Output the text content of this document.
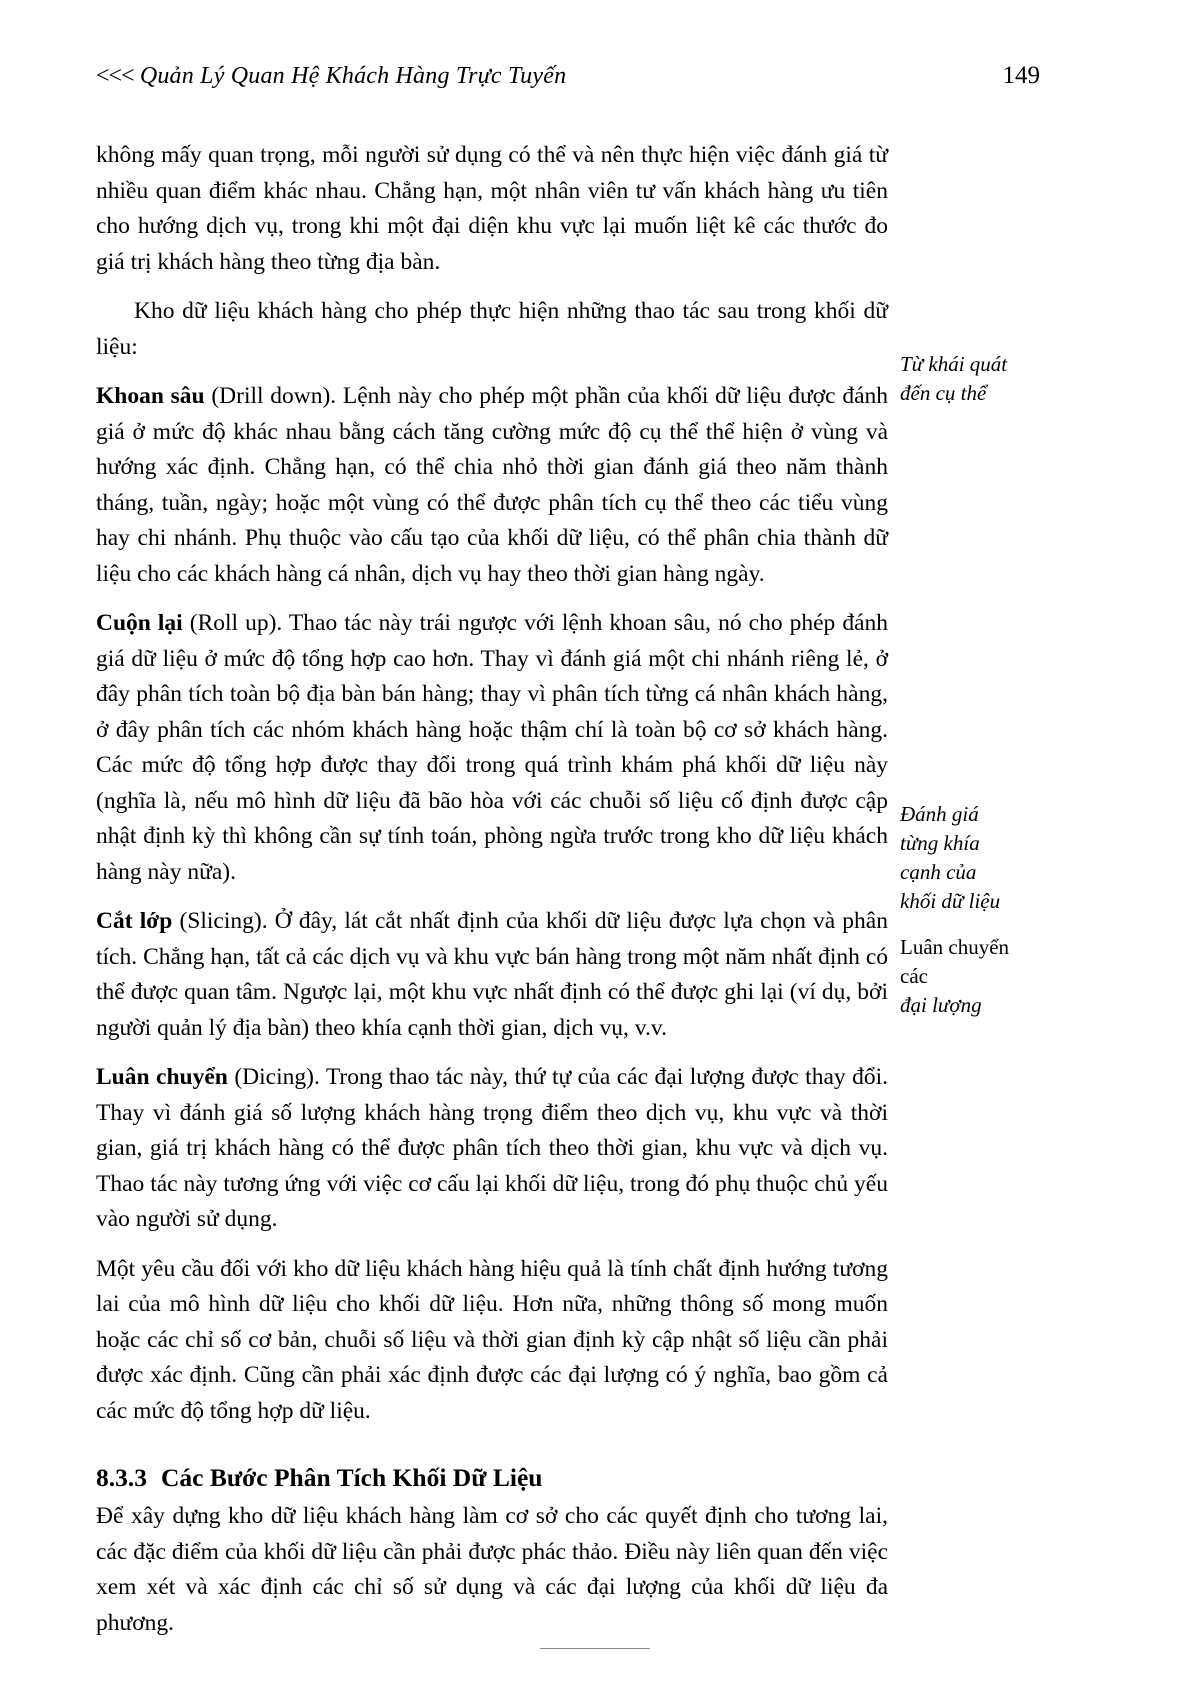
<<< Quản Lý Quan Hệ Khách Hàng Trực Tuyến	149

không mấy quan trọng, mỗi người sử dụng có thể và nên thực hiện việc đánh giá từ nhiều quan điểm khác nhau. Chẳng hạn, một nhân viên tư vấn khách hàng ưu tiên cho hướng dịch vụ, trong khi một đại diện khu vực lại muốn liệt kê các thước đo giá trị khách hàng theo từng địa bàn.

Kho dữ liệu khách hàng cho phép thực hiện những thao tác sau trong khối dữ liệu:

Khoan sâu (Drill down). Lệnh này cho phép một phần của khối dữ liệu được đánh giá ở mức độ khác nhau bằng cách tăng cường mức độ cụ thể thể hiện ở vùng và hướng xác định. Chẳng hạn, có thể chia nhỏ thời gian đánh giá theo năm thành tháng, tuần, ngày; hoặc một vùng có thể được phân tích cụ thể theo các tiểu vùng hay chi nhánh. Phụ thuộc vào cấu tạo của khối dữ liệu, có thể phân chia thành dữ liệu cho các khách hàng cá nhân, dịch vụ hay theo thời gian hàng ngày.

Cuộn lại (Roll up). Thao tác này trái ngược với lệnh khoan sâu, nó cho phép đánh giá dữ liệu ở mức độ tổng hợp cao hơn. Thay vì đánh giá một chi nhánh riêng lẻ, ở đây phân tích toàn bộ địa bàn bán hàng; thay vì phân tích từng cá nhân khách hàng, ở đây phân tích các nhóm khách hàng hoặc thậm chí là toàn bộ cơ sở khách hàng. Các mức độ tổng hợp được thay đổi trong quá trình khám phá khối dữ liệu này (nghĩa là, nếu mô hình dữ liệu đã bão hòa với các chuỗi số liệu cố định được cập nhật định kỳ thì không cần sự tính toán, phòng ngừa trước trong kho dữ liệu khách hàng này nữa).

Cắt lớp (Slicing). Ở đây, lát cắt nhất định của khối dữ liệu được lựa chọn và phân tích. Chẳng hạn, tất cả các dịch vụ và khu vực bán hàng trong một năm nhất định có thể được quan tâm. Ngược lại, một khu vực nhất định có thể được ghi lại (ví dụ, bởi người quản lý địa bàn) theo khía cạnh thời gian, dịch vụ, v.v.

Luân chuyển (Dicing). Trong thao tác này, thứ tự của các đại lượng được thay đổi. Thay vì đánh giá số lượng khách hàng trọng điểm theo dịch vụ, khu vực và thời gian, giá trị khách hàng có thể được phân tích theo thời gian, khu vực và dịch vụ. Thao tác này tương ứng với việc cơ cấu lại khối dữ liệu, trong đó phụ thuộc chủ yếu vào người sử dụng.

Một yêu cầu đối với kho dữ liệu khách hàng hiệu quả là tính chất định hướng tương lai của mô hình dữ liệu cho khối dữ liệu. Hơn nữa, những thông số mong muốn hoặc các chỉ số cơ bản, chuỗi số liệu và thời gian định kỳ cập nhật số liệu cần phải được xác định. Cũng cần phải xác định được các đại lượng có ý nghĩa, bao gồm cả các mức độ tổng hợp dữ liệu.

8.3.3 Các Bước Phân Tích Khối Dữ Liệu

Để xây dựng kho dữ liệu khách hàng làm cơ sở cho các quyết định cho tương lai, các đặc điểm của khối dữ liệu cần phải được phác thảo. Điều này liên quan đến việc xem xét và xác định các chỉ số sử dụng và các đại lượng của khối dữ liệu đa phương.

Từ khái quát
đến cụ thể
Đánh giá
từng khía
cạnh của
khối dữ liệu
Luân chuyển
các
đại lượng
